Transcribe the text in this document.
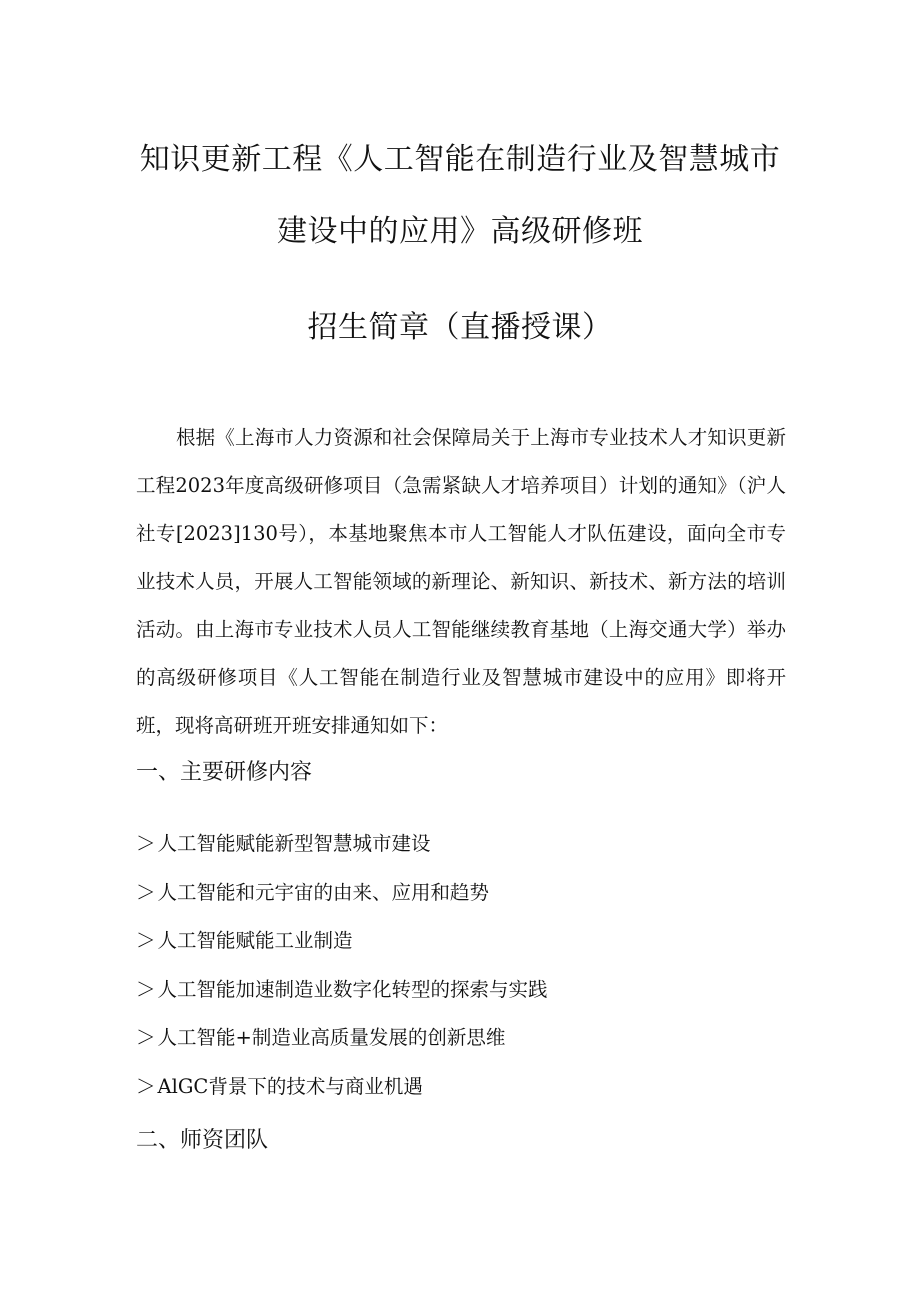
知识更新工程《人工智能在制造行业及智慧城市
建设中的应用》高级研修班
招生简章（直播授课）

根据《上海市人力资源和社会保障局关于上海市专业技术人才知识更新工程2023年度高级研修项目（急需紧缺人才培养项目）计划的通知》（沪人社专[2023]130号），本基地聚焦本市人工智能人才队伍建设，面向全市专业技术人员，开展人工智能领域的新理论、新知识、新技术、新方法的培训活动。由上海市专业技术人员人工智能继续教育基地（上海交通大学）举办的高级研修项目《人工智能在制造行业及智慧城市建设中的应用》即将开班，现将高研班开班安排通知如下：

一、主要研修内容
＞ 人工智能赋能新型智慧城市建设
＞ 人工智能和元宇宙的由来、应用和趋势
＞ 人工智能赋能工业制造
＞ 人工智能加速制造业数字化转型的探索与实践
＞ 人工智能+制造业高质量发展的创新思维
＞ AlGC背景下的技术与商业机遇
二、师资团队
